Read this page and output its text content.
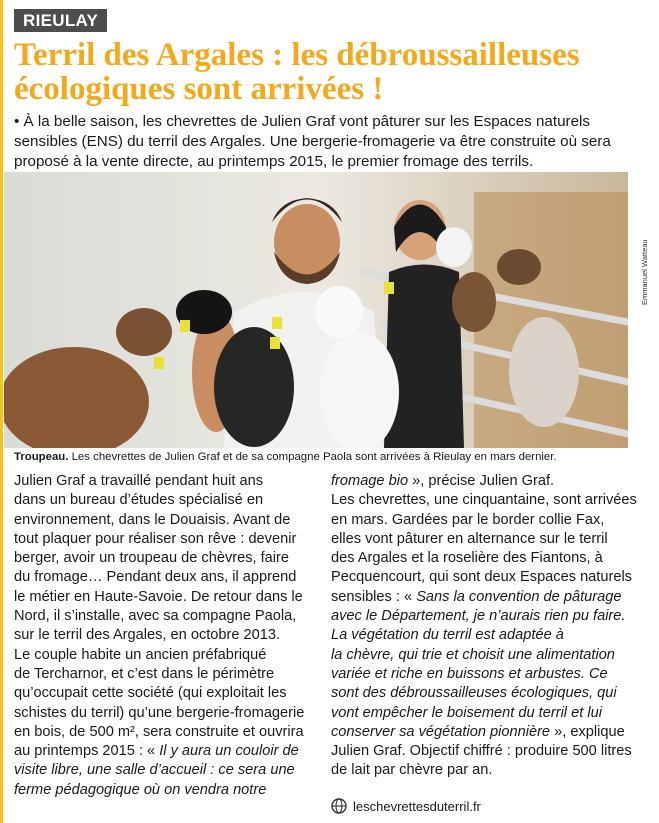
RIEULAY
Terril des Argales : les débroussailleuses
écologiques sont arrivées !
• À la belle saison, les chevrettes de Julien Graf vont pâturer sur les Espaces naturels
sensibles (ENS) du terril des Argales. Une bergerie-fromagerie va être construite où sera
proposé à la vente directe, au printemps 2015, le premier fromage des terrils.
Emmanuel Watteau

Troupeau. Les chevrettes de Julien Graf et de sa compagne Paola sont arrivées à Rieulay en mars dernier.

Julien Graf a travaillé pendant huit ans
dans un bureau d’études spécialisé en
environnement, dans le Douaisis. Avant de
tout plaquer pour réaliser son rêve : devenir
berger, avoir un troupeau de chèvres, faire
du fromage… Pendant deux ans, il apprend
le métier en Haute-Savoie. De retour dans le
Nord, il s’installe, avec sa compagne Paola,
sur le terril des Argales, en octobre 2013.
Le couple habite un ancien préfabriqué
de Tercharnor, et c’est dans le périmètre
qu’occupait cette société (qui exploitait les
schistes du terril) qu’une bergerie-fromagerie
en bois, de 500 m², sera construite et ouvrira
au printemps 2015 : « Il y aura un couloir de
visite libre, une salle d’accueil : ce sera une
ferme pédagogique où on vendra notre

fromage bio », précise Julien Graf.
Les chevrettes, une cinquantaine, sont arrivées
en mars. Gardées par le border collie Fax,
elles vont pâturer en alternance sur le terril
des Argales et la roselière des Fiantons, à
Pecquencourt, qui sont deux Espaces naturels
sensibles : « Sans la convention de pâturage
avec le Département, je n’aurais rien pu faire.
La végétation du terril est adaptée à
la chèvre, qui trie et choisit une alimentation
variée et riche en buissons et arbustes. Ce
sont des débroussailleuses écologiques, qui
vont empêcher le boisement du terril et lui
conserver sa végétation pionnière », explique
Julien Graf. Objectif chiffré : produire 500 litres
de lait par chèvre par an.

leschevrettesduterril.fr
